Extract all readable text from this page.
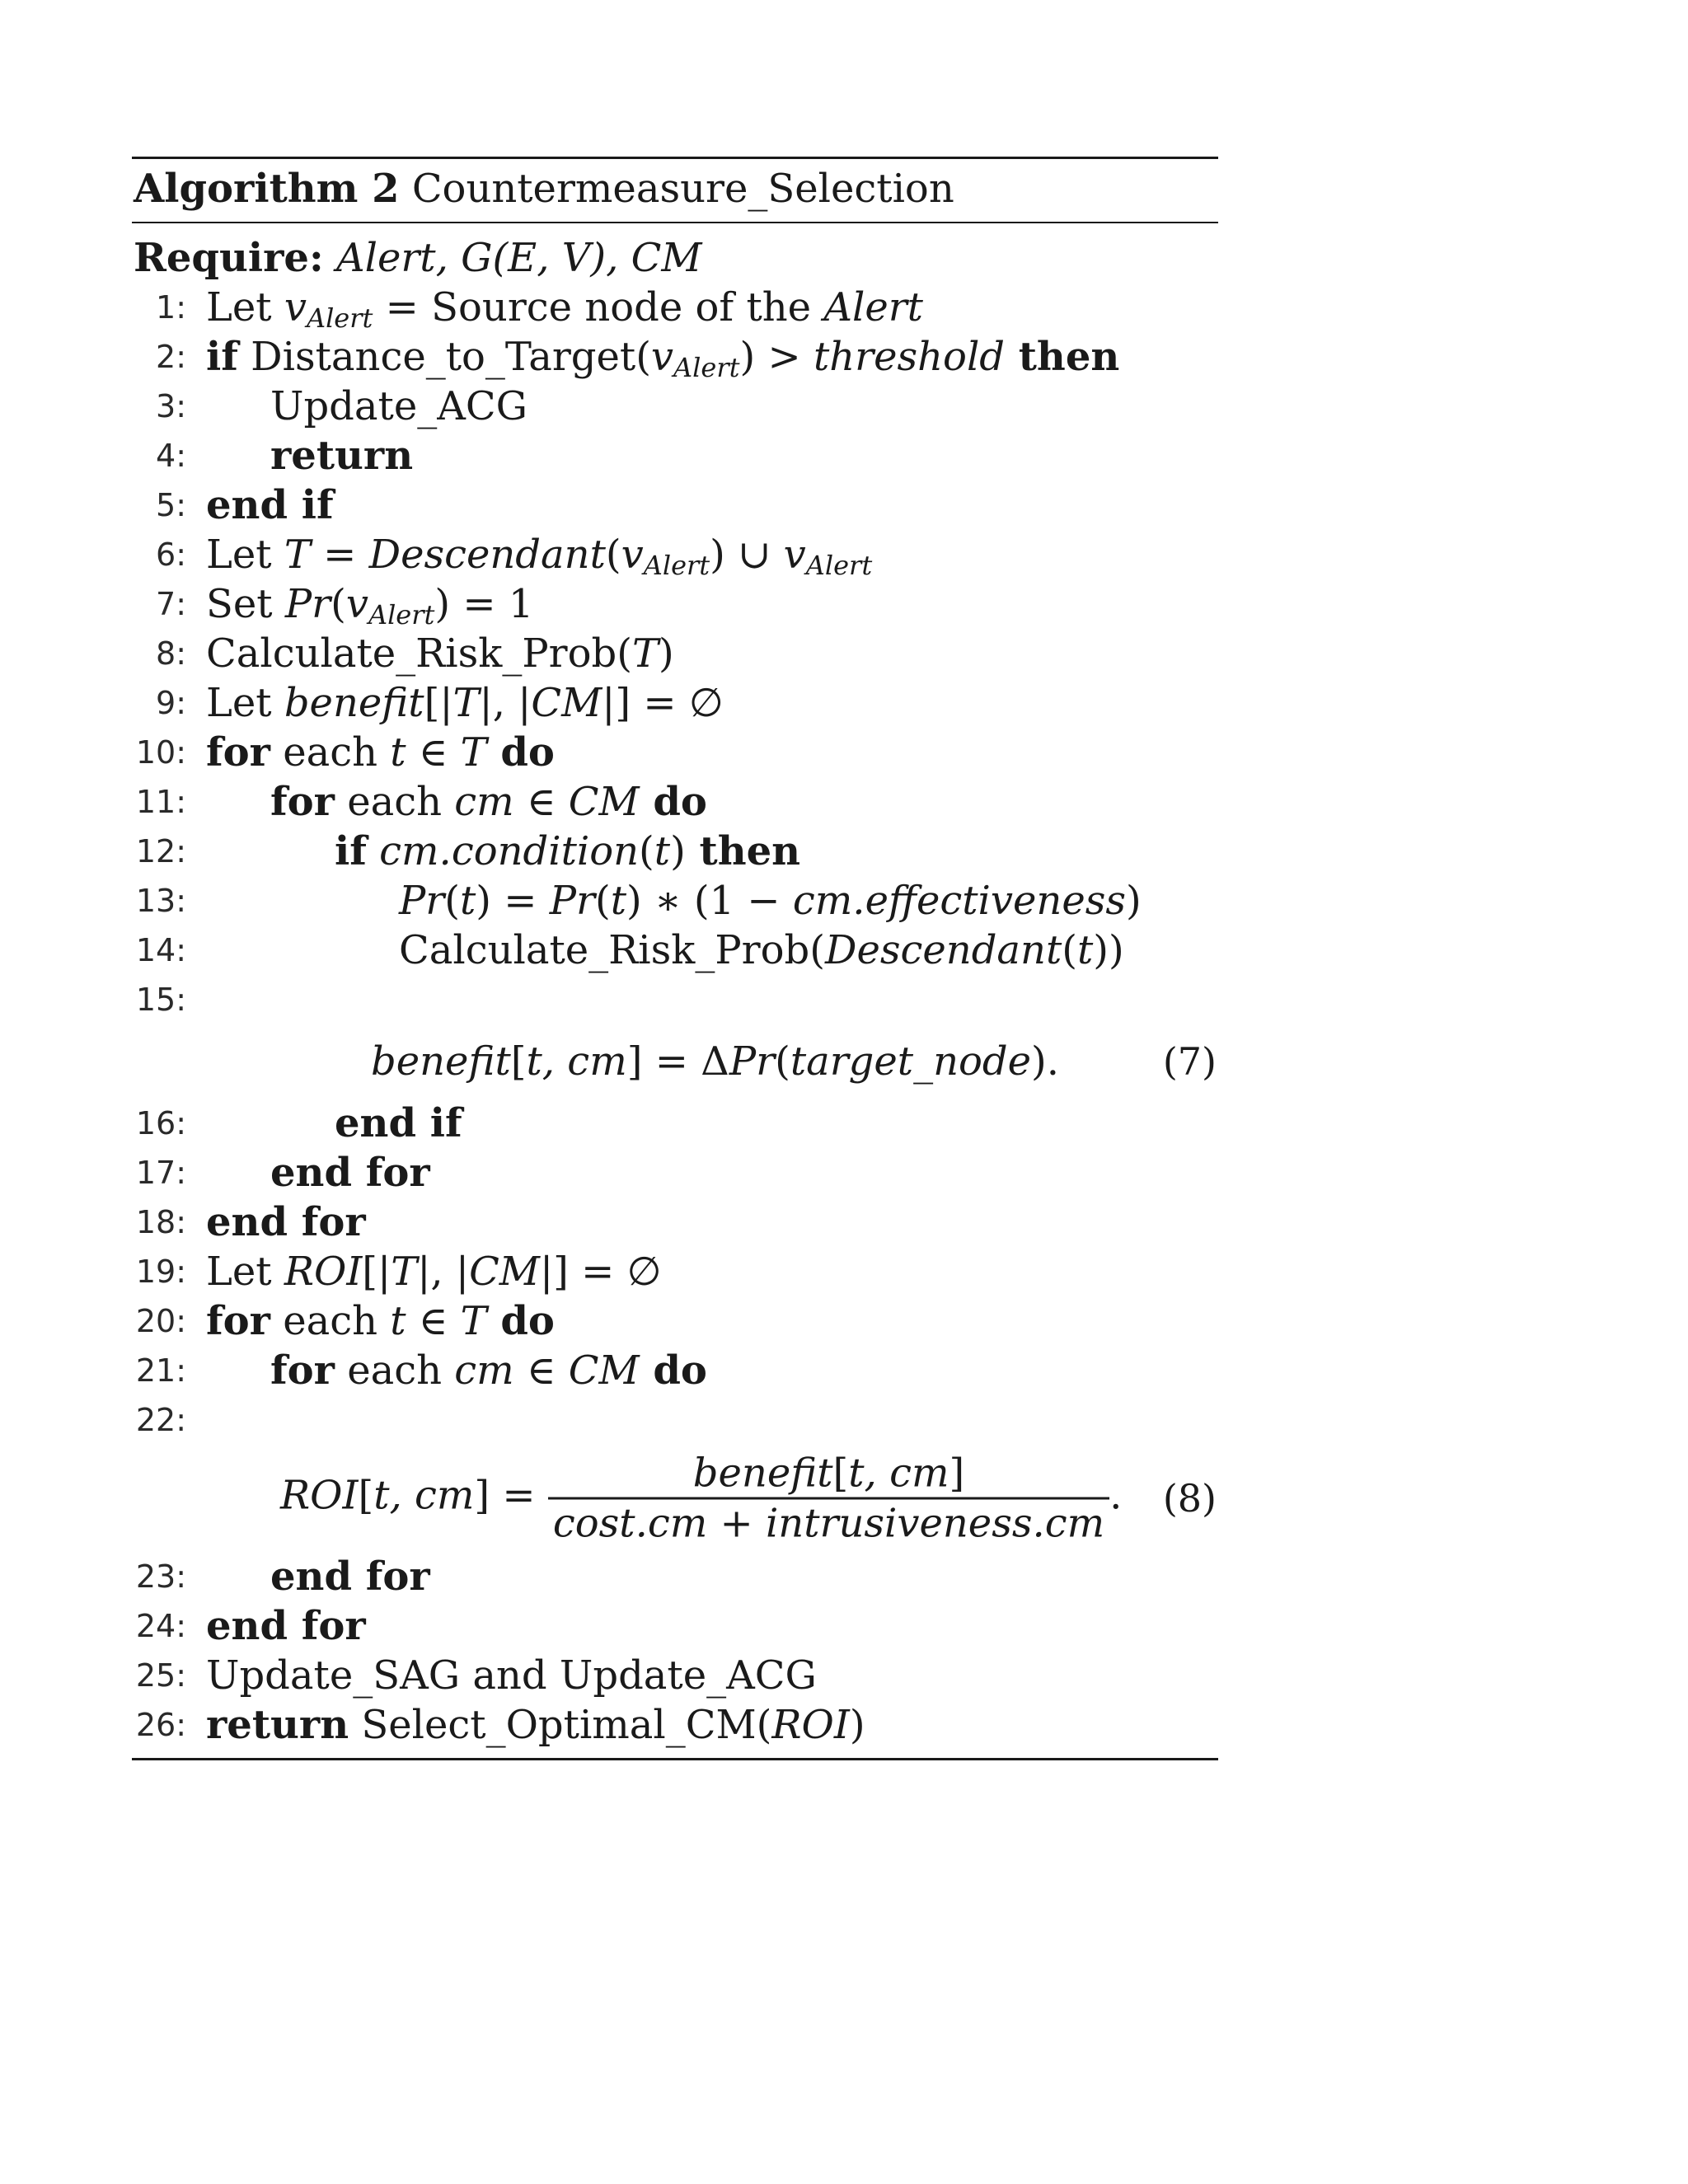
Algorithm 2 Countermeasure_Selection
Require: Alert, G(E, V), CM
1: Let $v_{Alert}$ = Source node of the Alert
2: if $Distance\_to\_Target(v_{Alert})$ > threshold then
3: Update_ACG
4: return
5: end if
6: Let $T = Descendant(v_{Alert})$ ∪ $v_{Alert}$
7: Set $Pr(v_{Alert}) = 1$
8: Calculate_Risk_Prob(T)
9: Let benefit[|T|, |CM|] = ∅
10: for each t ∈ T do
11: for each cm ∈ CM do
12:	if cm.condition(t) then
13:	Pr(t) = Pr(t) ∗ (1 − cm.effectiveness)
14:	Calculate_Risk_Prob(Descendant(t))
15:
benefit[t, cm] = ΔPr(target_node).	(7)
16:	end if
17: end for
18: end for
19: Let ROI[|T|, |CM|] = ∅
20: for each t ∈ T do
21: for each cm ∈ CM do
22:
ROI[t, $cm] = \frac{\text{benefit[t, cm]}}{\text{cost.cm + intrusiveness.cm}}$ . (8)
23: end for
24: end for
25: Update_SAG and Update_ACG
26: return Select_Optimal_CM(ROI)
